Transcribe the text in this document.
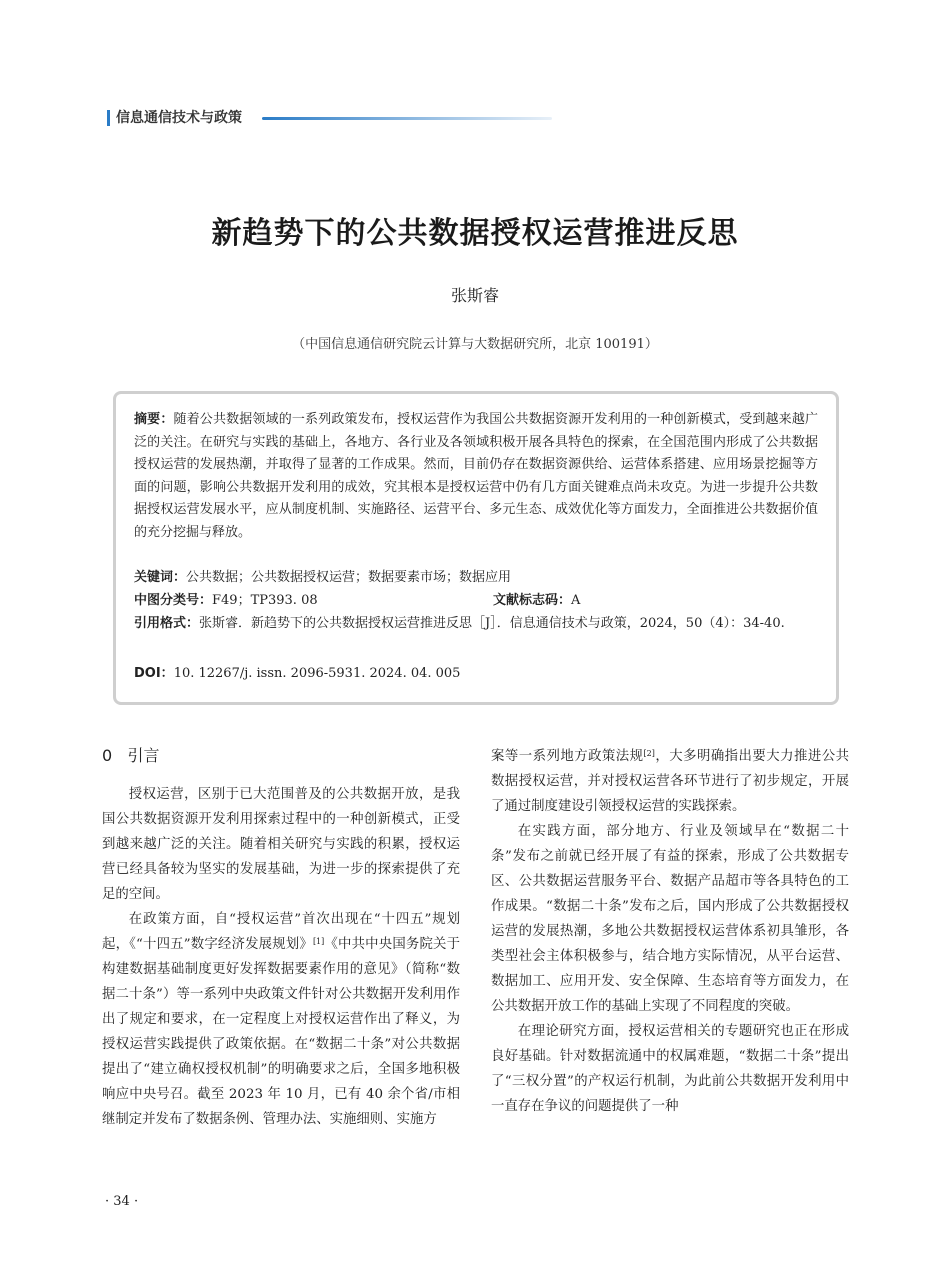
信息通信技术与政策
新趋势下的公共数据授权运营推进反思
张斯睿
（中国信息通信研究院云计算与大数据研究所，北京 100191）
摘要：随着公共数据领域的一系列政策发布，授权运营作为我国公共数据资源开发利用的一种创新模式，受到越来越广泛的关注。在研究与实践的基础上，各地方、各行业及各领域积极开展各具特色的探索，在全国范围内形成了公共数据授权运营的发展热潮，并取得了显著的工作成果。然而，目前仍存在数据资源供给、运营体系搭建、应用场景挖掘等方面的问题，影响公共数据开发利用的成效，究其根本是授权运营中仍有几方面关键难点尚未攻克。为进一步提升公共数据授权运营发展水平，应从制度机制、实施路径、运营平台、多元生态、成效优化等方面发力，全面推进公共数据价值的充分挖掘与释放。
关键词：公共数据；公共数据授权运营；数据要素市场；数据应用
中图分类号：F49；TP393. 08	文献标志码：A
引用格式：张斯睿．新趋势下的公共数据授权运营推进反思［J］．信息通信技术与政策，2024，50（4）：34-40.
DOI：10. 12267/j. issn. 2096-5931. 2024. 04. 005
0 引言

授权运营，区别于已大范围普及的公共数据开放，是我国公共数据资源开发利用探索过程中的一种创新模式，正受到越来越广泛的关注。随着相关研究与实践的积累，授权运营已经具备较为坚实的发展基础，为进一步的探索提供了充足的空间。

在政策方面，自“授权运营”首次出现在“十四五”规划起，《“十四五”数字经济发展规划》[1]《中共中央国务院关于构建数据基础制度更好发挥数据要素作用的意见》（简称“数据二十条”）等一系列中央政策文件针对公共数据开发利用作出了规定和要求，在一定程度上对授权运营作出了释义，为授权运营实践提供了政策依据。在“数据二十条”对公共数据提出了“建立确权授权机制”的明确要求之后，全国多地积极响应中央号召。截至 2023 年 10 月，已有 40 余个省/市相继制定并发布了数据条例、管理办法、实施细则、实施方

案等一系列地方政策法规[2]，大多明确指出要大力推进公共数据授权运营，并对授权运营各环节进行了初步规定，开展了通过制度建设引领授权运营的实践探索。

在实践方面，部分地方、行业及领域早在“数据二十条”发布之前就已经开展了有益的探索，形成了公共数据专区、公共数据运营服务平台、数据产品超市等各具特色的工作成果。“数据二十条”发布之后，国内形成了公共数据授权运营的发展热潮，多地公共数据授权运营体系初具雏形，各类型社会主体积极参与，结合地方实际情况，从平台运营、数据加工、应用开发、安全保障、生态培育等方面发力，在公共数据开放工作的基础上实现了不同程度的突破。

在理论研究方面，授权运营相关的专题研究也正在形成良好基础。针对数据流通中的权属难题，“数据二十条”提出了“三权分置”的产权运行机制，为此前公共数据开发利用中一直存在争议的问题提供了一种

· 34 ·
